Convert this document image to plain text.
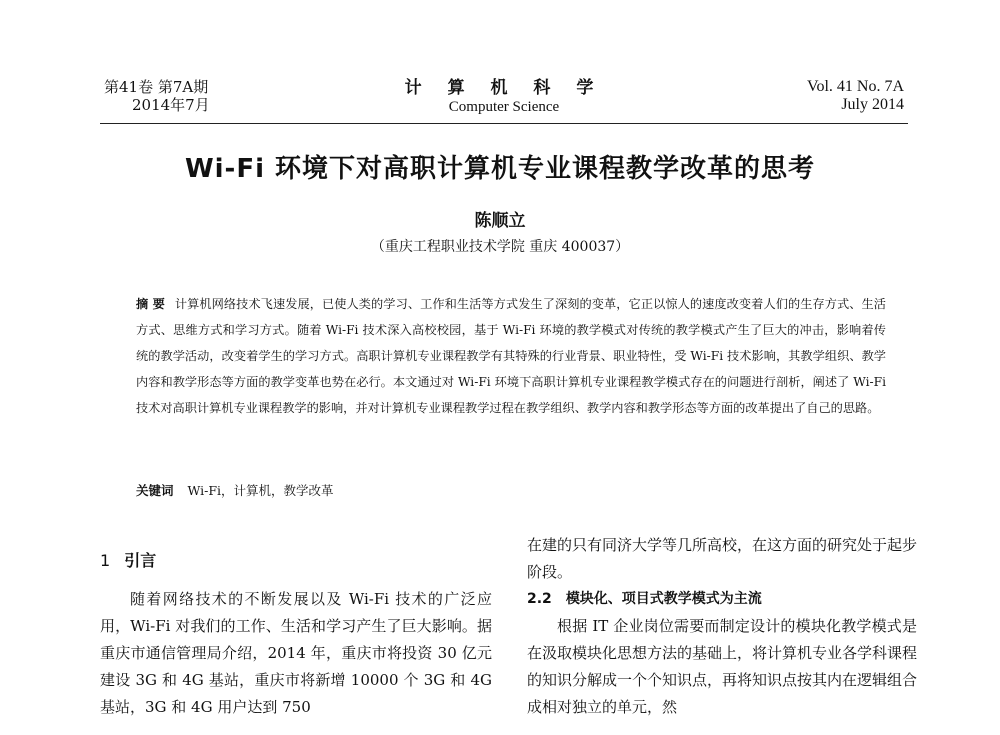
第41卷 第7A期
2014年7月
计 算 机 科 学
Computer Science
Vol. 41 No. 7A
July 2014
Wi-Fi 环境下对高职计算机专业课程教学改革的思考
陈顺立
（重庆工程职业技术学院 重庆 400037）
摘 要 计算机网络技术飞速发展，已使人类的学习、工作和生活等方式发生了深刻的变革，它正以惊人的速度改变着人们的生存方式、生活方式、思维方式和学习方式。随着 Wi-Fi 技术深入高校校园，基于 Wi-Fi 环境的教学模式对传统的教学模式产生了巨大的冲击，影响着传统的教学活动，改变着学生的学习方式。高职计算机专业课程教学有其特殊的行业背景、职业特性，受 Wi-Fi 技术影响，其教学组织、教学内容和教学形态等方面的教学变革也势在必行。本文通过对 Wi-Fi 环境下高职计算机专业课程教学模式存在的问题进行剖析，阐述了 Wi-Fi 技术对高职计算机专业课程教学的影响，并对计算机专业课程教学过程在教学组织、教学内容和教学形态等方面的改革提出了自己的思路。
关键词 Wi-Fi，计算机，教学改革
1 引言

随着网络技术的不断发展以及 Wi-Fi 技术的广泛应用，Wi-Fi 对我们的工作、生活和学习产生了巨大影响。据重庆市通信管理局介绍，2014 年，重庆市将投资 30 亿元建设 3G 和 4G 基站，重庆市将新增 10000 个 3G 和 4G 基站，3G 和 4G 用户达到 750

在建的只有同济大学等几所高校，在这方面的研究处于起步阶段。

2.2 模块化、项目式教学模式为主流

根据 IT 企业岗位需要而制定设计的模块化教学模式是在汲取模块化思想方法的基础上，将计算机专业各学科课程的知识分解成一个个知识点，再将知识点按其内在逻辑组合成相对独立的单元，然
